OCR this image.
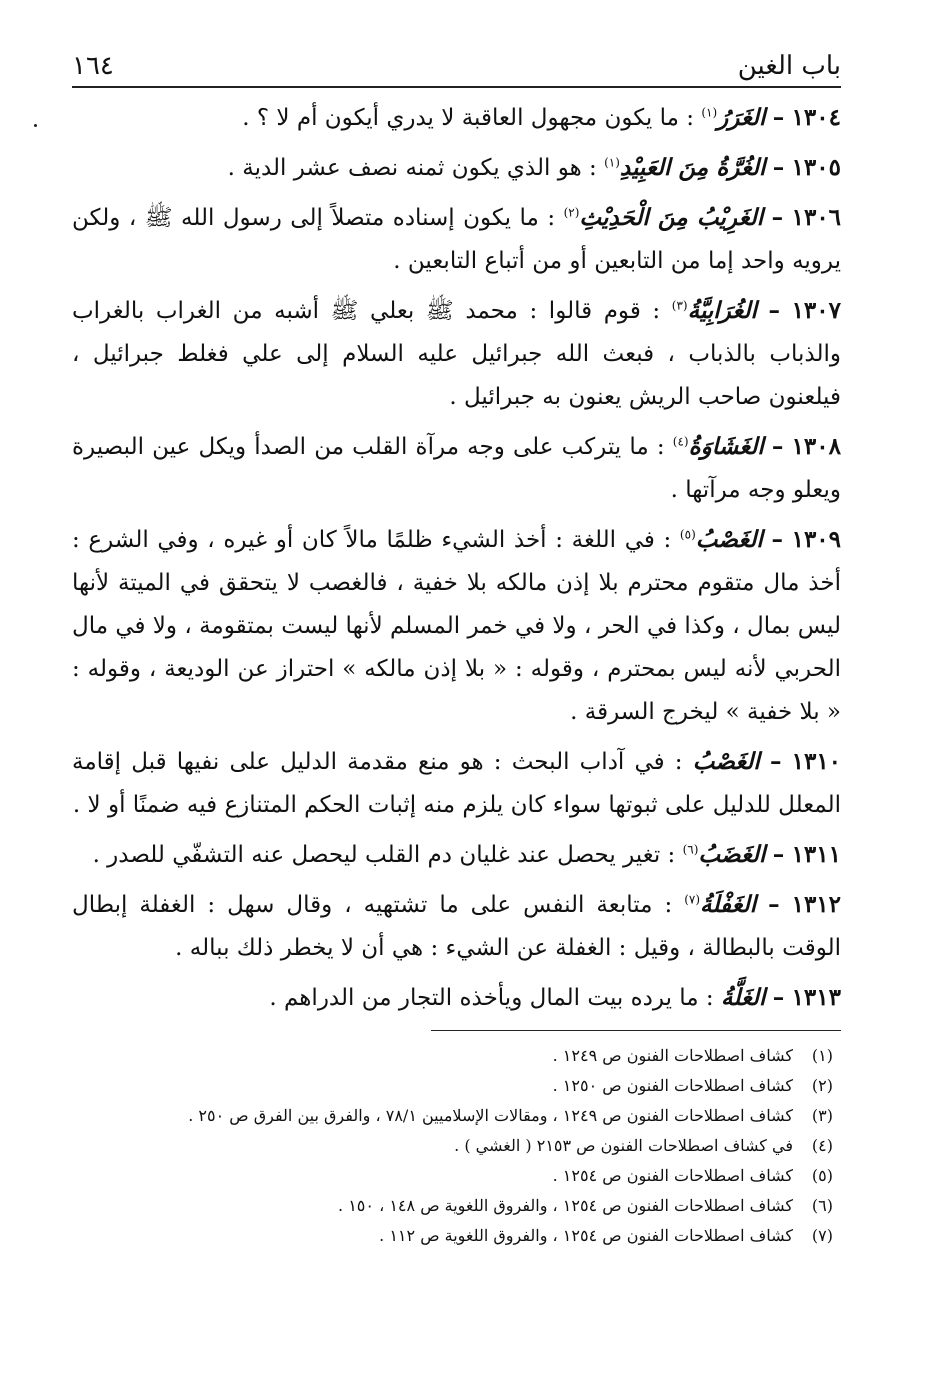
باب الغين
١٦٤

١٣٠٤ – الغَرَرُ$^{(١)}$ : ما يكون مجهول العاقبة لا يدري أيكون أم لا ؟ .

١٣٠٥ – الغُرَّةُ مِنَ العَبِيْدِ$^{(١)}$ : هو الذي يكون ثمنه نصف عشر الدية .

١٣٠٦ – الغَرِيْبُ مِنَ الْحَدِيْثِ$^{(٢)}$ : ما يكون إسناده متصلاً إلى رسول الله ﷺ ، ولكن يرويه واحد إما من التابعين أو من أتباع التابعين .

١٣٠٧ – الغُرَابِيَّةُ$^{(٣)}$ : قوم قالوا : محمد ﷺ بعلي ﷺ أشبه من الغراب بالغراب والذباب بالذباب ، فبعث الله جبرائيل عليه السلام إلى علي فغلط جبرائيل ، فيلعنون صاحب الريش يعنون به جبرائيل .

١٣٠٨ – الغَشَاوَةُ$^{(٤)}$ : ما يتركب على وجه مرآة القلب من الصدأ ويكل عين البصيرة ويعلو وجه مرآتها .

١٣٠٩ – الغَصْبُ$^{(٥)}$ : في اللغة : أخذ الشيء ظلمًا مالاً كان أو غيره ، وفي الشرع : أخذ مال متقوم محترم بلا إذن مالكه بلا خفية ، فالغصب لا يتحقق في الميتة لأنها ليس بمال ، وكذا في الحر ، ولا في خمر المسلم لأنها ليست بمتقومة ، ولا في مال الحربي لأنه ليس بمحترم ، وقوله : « بلا إذن مالكه » احتراز عن الوديعة ، وقوله : « بلا خفية » ليخرج السرقة .

١٣١٠ – الغَصْبُ : في آداب البحث : هو منع مقدمة الدليل على نفيها قبل إقامة المعلل للدليل على ثبوتها سواء كان يلزم منه إثبات الحكم المتنازع فيه ضمنًا أو لا .

١٣١١ – الغَضَبُ$^{(٦)}$ : تغير يحصل عند غليان دم القلب ليحصل عنه التشفّي للصدر .

١٣١٢ – الغَفْلَةُ$^{(٧)}$ : متابعة النفس على ما تشتهيه ، وقال سهل : الغفلة إبطال الوقت بالبطالة ، وقيل : الغفلة عن الشيء : هي أن لا يخطر ذلك بباله .

١٣١٣ – الغَلَّةُ : ما يرده بيت المال ويأخذه التجار من الدراهم .

(١)كشاف اصطلاحات الفنون ص ١٢٤٩ .
(٢)كشاف اصطلاحات الفنون ص ١٢٥٠ .
(٣)كشاف اصطلاحات الفنون ص ١٢٤٩ ، ومقالات الإسلاميين ٧٨/١ ، والفرق بين الفرق ص ٢٥٠ .
(٤)في كشاف اصطلاحات الفنون ص ٢١٥٣ ( الغشي ) .
(٥)كشاف اصطلاحات الفنون ص ١٢٥٤ .
(٦)كشاف اصطلاحات الفنون ص ١٢٥٤ ، والفروق اللغوية ص ١٤٨ ، ١٥٠ .
(٧)كشاف اصطلاحات الفنون ص ١٢٥٤ ، والفروق اللغوية ص ١١٢ .
